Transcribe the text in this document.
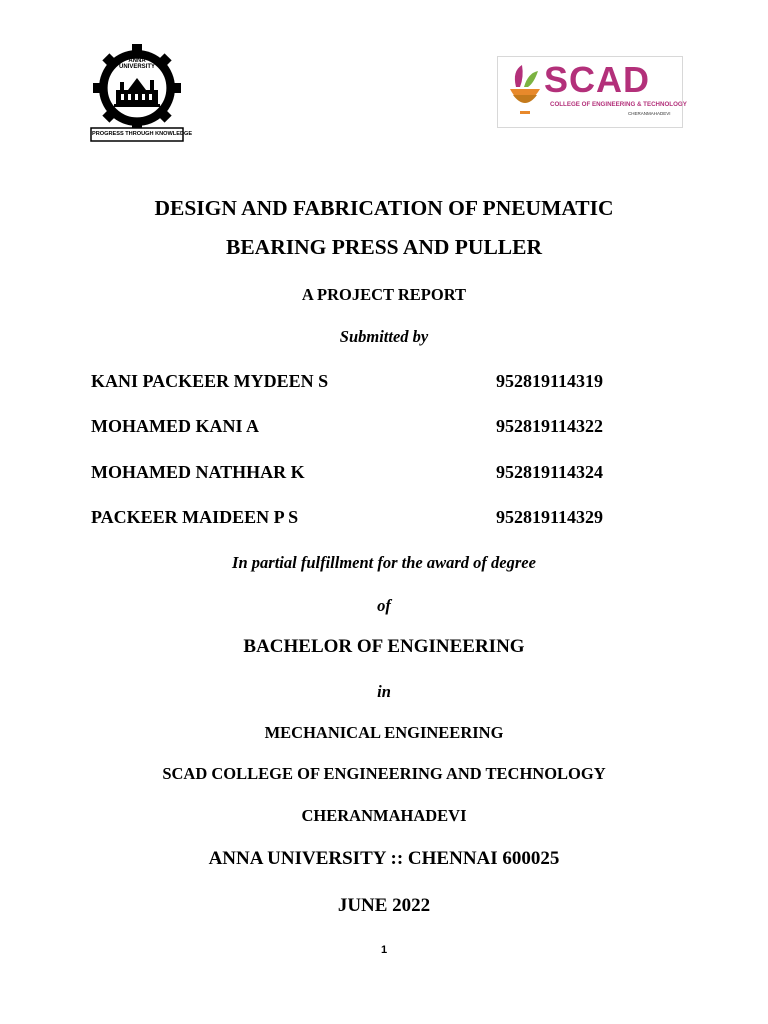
ANNA UNIVERSITY
PROGRESS THROUGH KNOWLEDGE
SCAD
COLLEGE OF ENGINEERING & TECHNOLOGY
CHERANMAHADEVI
DESIGN AND FABRICATION OF PNEUMATIC
BEARING PRESS AND PULLER
A PROJECT REPORT
Submitted by
KANI PACKEER MYDEEN S	952819114319
MOHAMED KANI A	952819114322
MOHAMED NATHHAR K	952819114324
PACKEER MAIDEEN P S	952819114329
In partial fulfillment for the award of degree
of
BACHELOR OF ENGINEERING
in
MECHANICAL ENGINEERING
SCAD COLLEGE OF ENGINEERING AND TECHNOLOGY
CHERANMAHADEVI
ANNA UNIVERSITY :: CHENNAI 600025
JUNE 2022
1
